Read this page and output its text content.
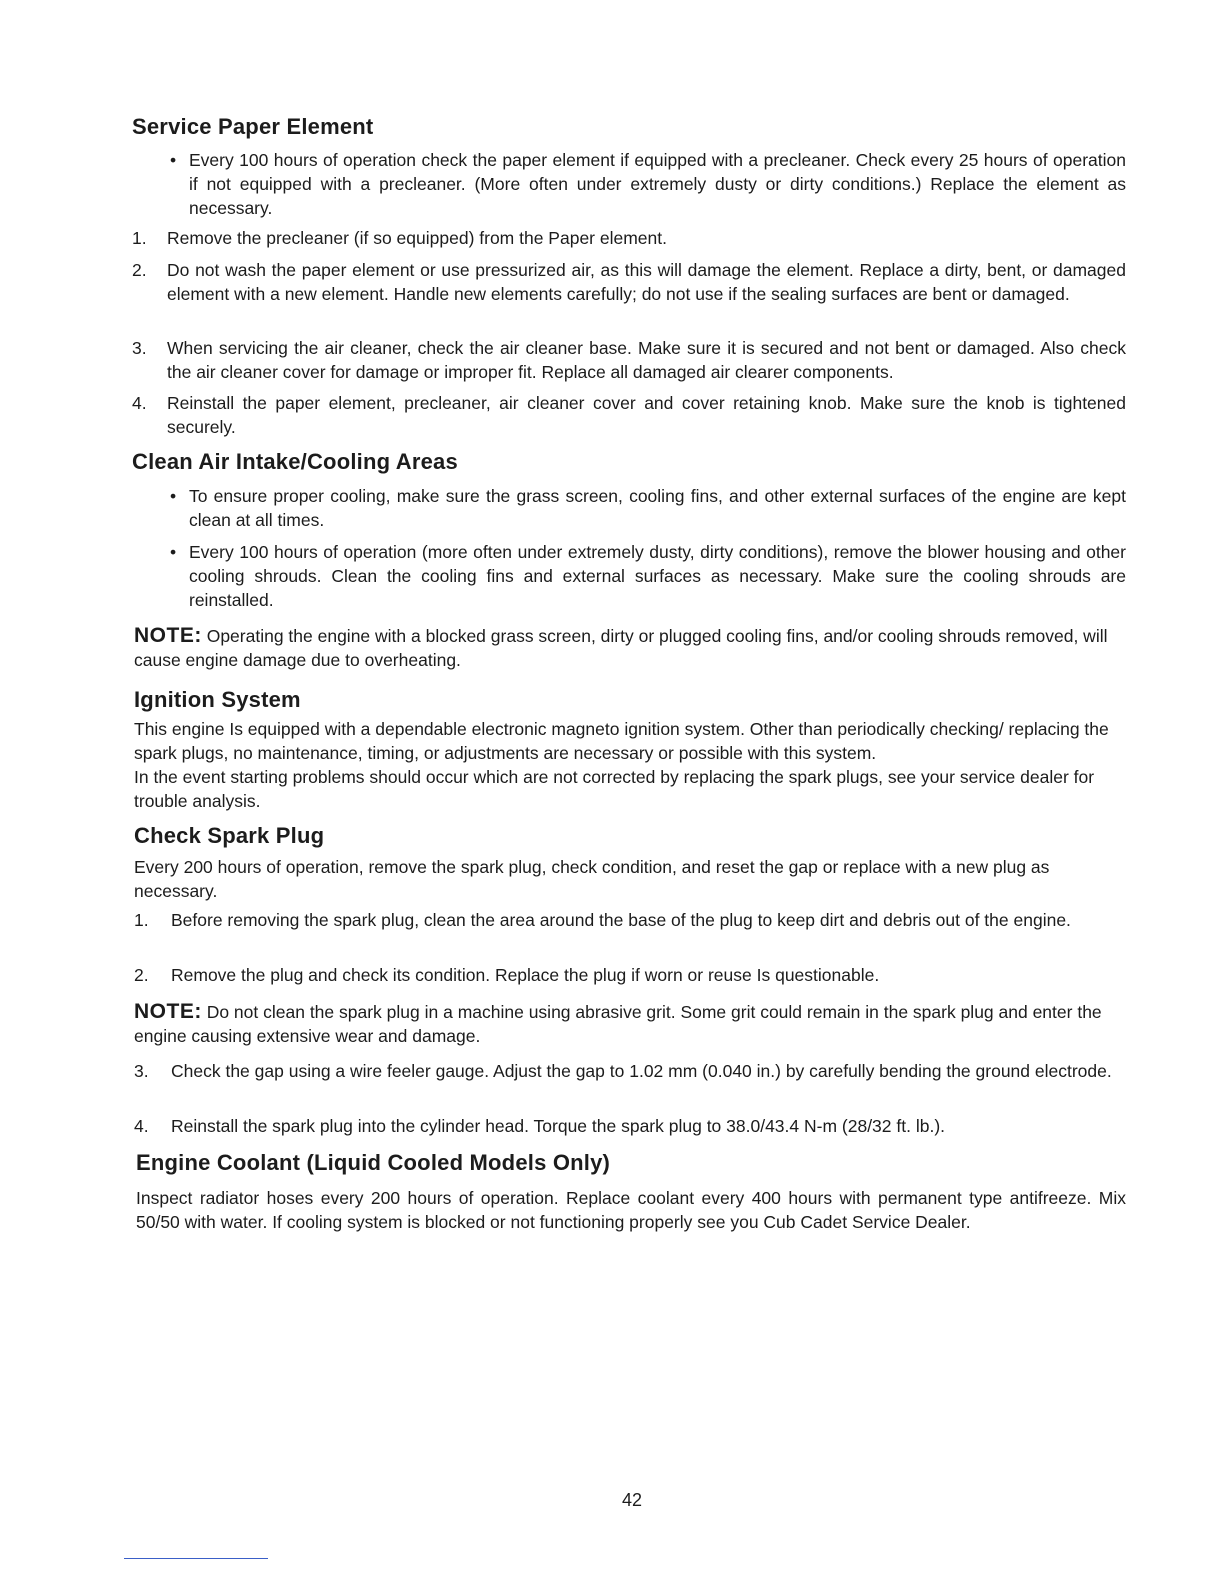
Service Paper Element
• Every 100 hours of operation check the paper element if equipped with a precleaner. Check every 25 hours of operation if not equipped with a precleaner. (More often under extremely dusty or dirty conditions.) Replace the element as necessary.

1. Remove the precleaner (if so equipped) from the Paper element.

2. Do not wash the paper element or use pressurized air, as this will damage the element. Replace a dirty, bent, or damaged element with a new element. Handle new elements carefully; do not use if the sealing surfaces are bent or damaged.

3. When servicing the air cleaner, check the air cleaner base. Make sure it is secured and not bent or damaged. Also check the air cleaner cover for damage or improper fit. Replace all damaged air clearer components.

4. Reinstall the paper element, precleaner, air cleaner cover and cover retaining knob. Make sure the knob is tightened securely.

Clean Air Intake/Cooling Areas
• To ensure proper cooling, make sure the grass screen, cooling fins, and other external surfaces of the engine are kept clean at all times.

• Every 100 hours of operation (more often under extremely dusty, dirty conditions), remove the blower housing and other cooling shrouds. Clean the cooling fins and external surfaces as necessary. Make sure the cooling shrouds are reinstalled.

NOTE: Operating the engine with a blocked grass screen, dirty or plugged cooling fins, and/or cooling shrouds removed, will cause engine damage due to overheating.

Ignition System

This engine Is equipped with a dependable electronic magneto ignition system. Other than periodically checking/ replacing the spark plugs, no maintenance, timing, or adjustments are necessary or possible with this system.

In the event starting problems should occur which are not corrected by replacing the spark plugs, see your service dealer for trouble analysis.

Check Spark Plug

Every 200 hours of operation, remove the spark plug, check condition, and reset the gap or replace with a new plug as necessary.

1. Before removing the spark plug, clean the area around the base of the plug to keep dirt and debris out of the engine.

2. Remove the plug and check its condition. Replace the plug if worn or reuse Is questionable.

NOTE: Do not clean the spark plug in a machine using abrasive grit. Some grit could remain in the spark plug and enter the engine causing extensive wear and damage.

3. Check the gap using a wire feeler gauge. Adjust the gap to 1.02 mm (0.040 in.) by carefully bending the ground electrode.

4. Reinstall the spark plug into the cylinder head. Torque the spark plug to 38.0/43.4 N-m (28/32 ft. lb.).

Engine Coolant (Liquid Cooled Models Only)

Inspect radiator hoses every 200 hours of operation. Replace coolant every 400 hours with permanent type antifreeze. Mix 50/50 with water. If cooling system is blocked or not functioning properly see you Cub Cadet Service Dealer.

42
